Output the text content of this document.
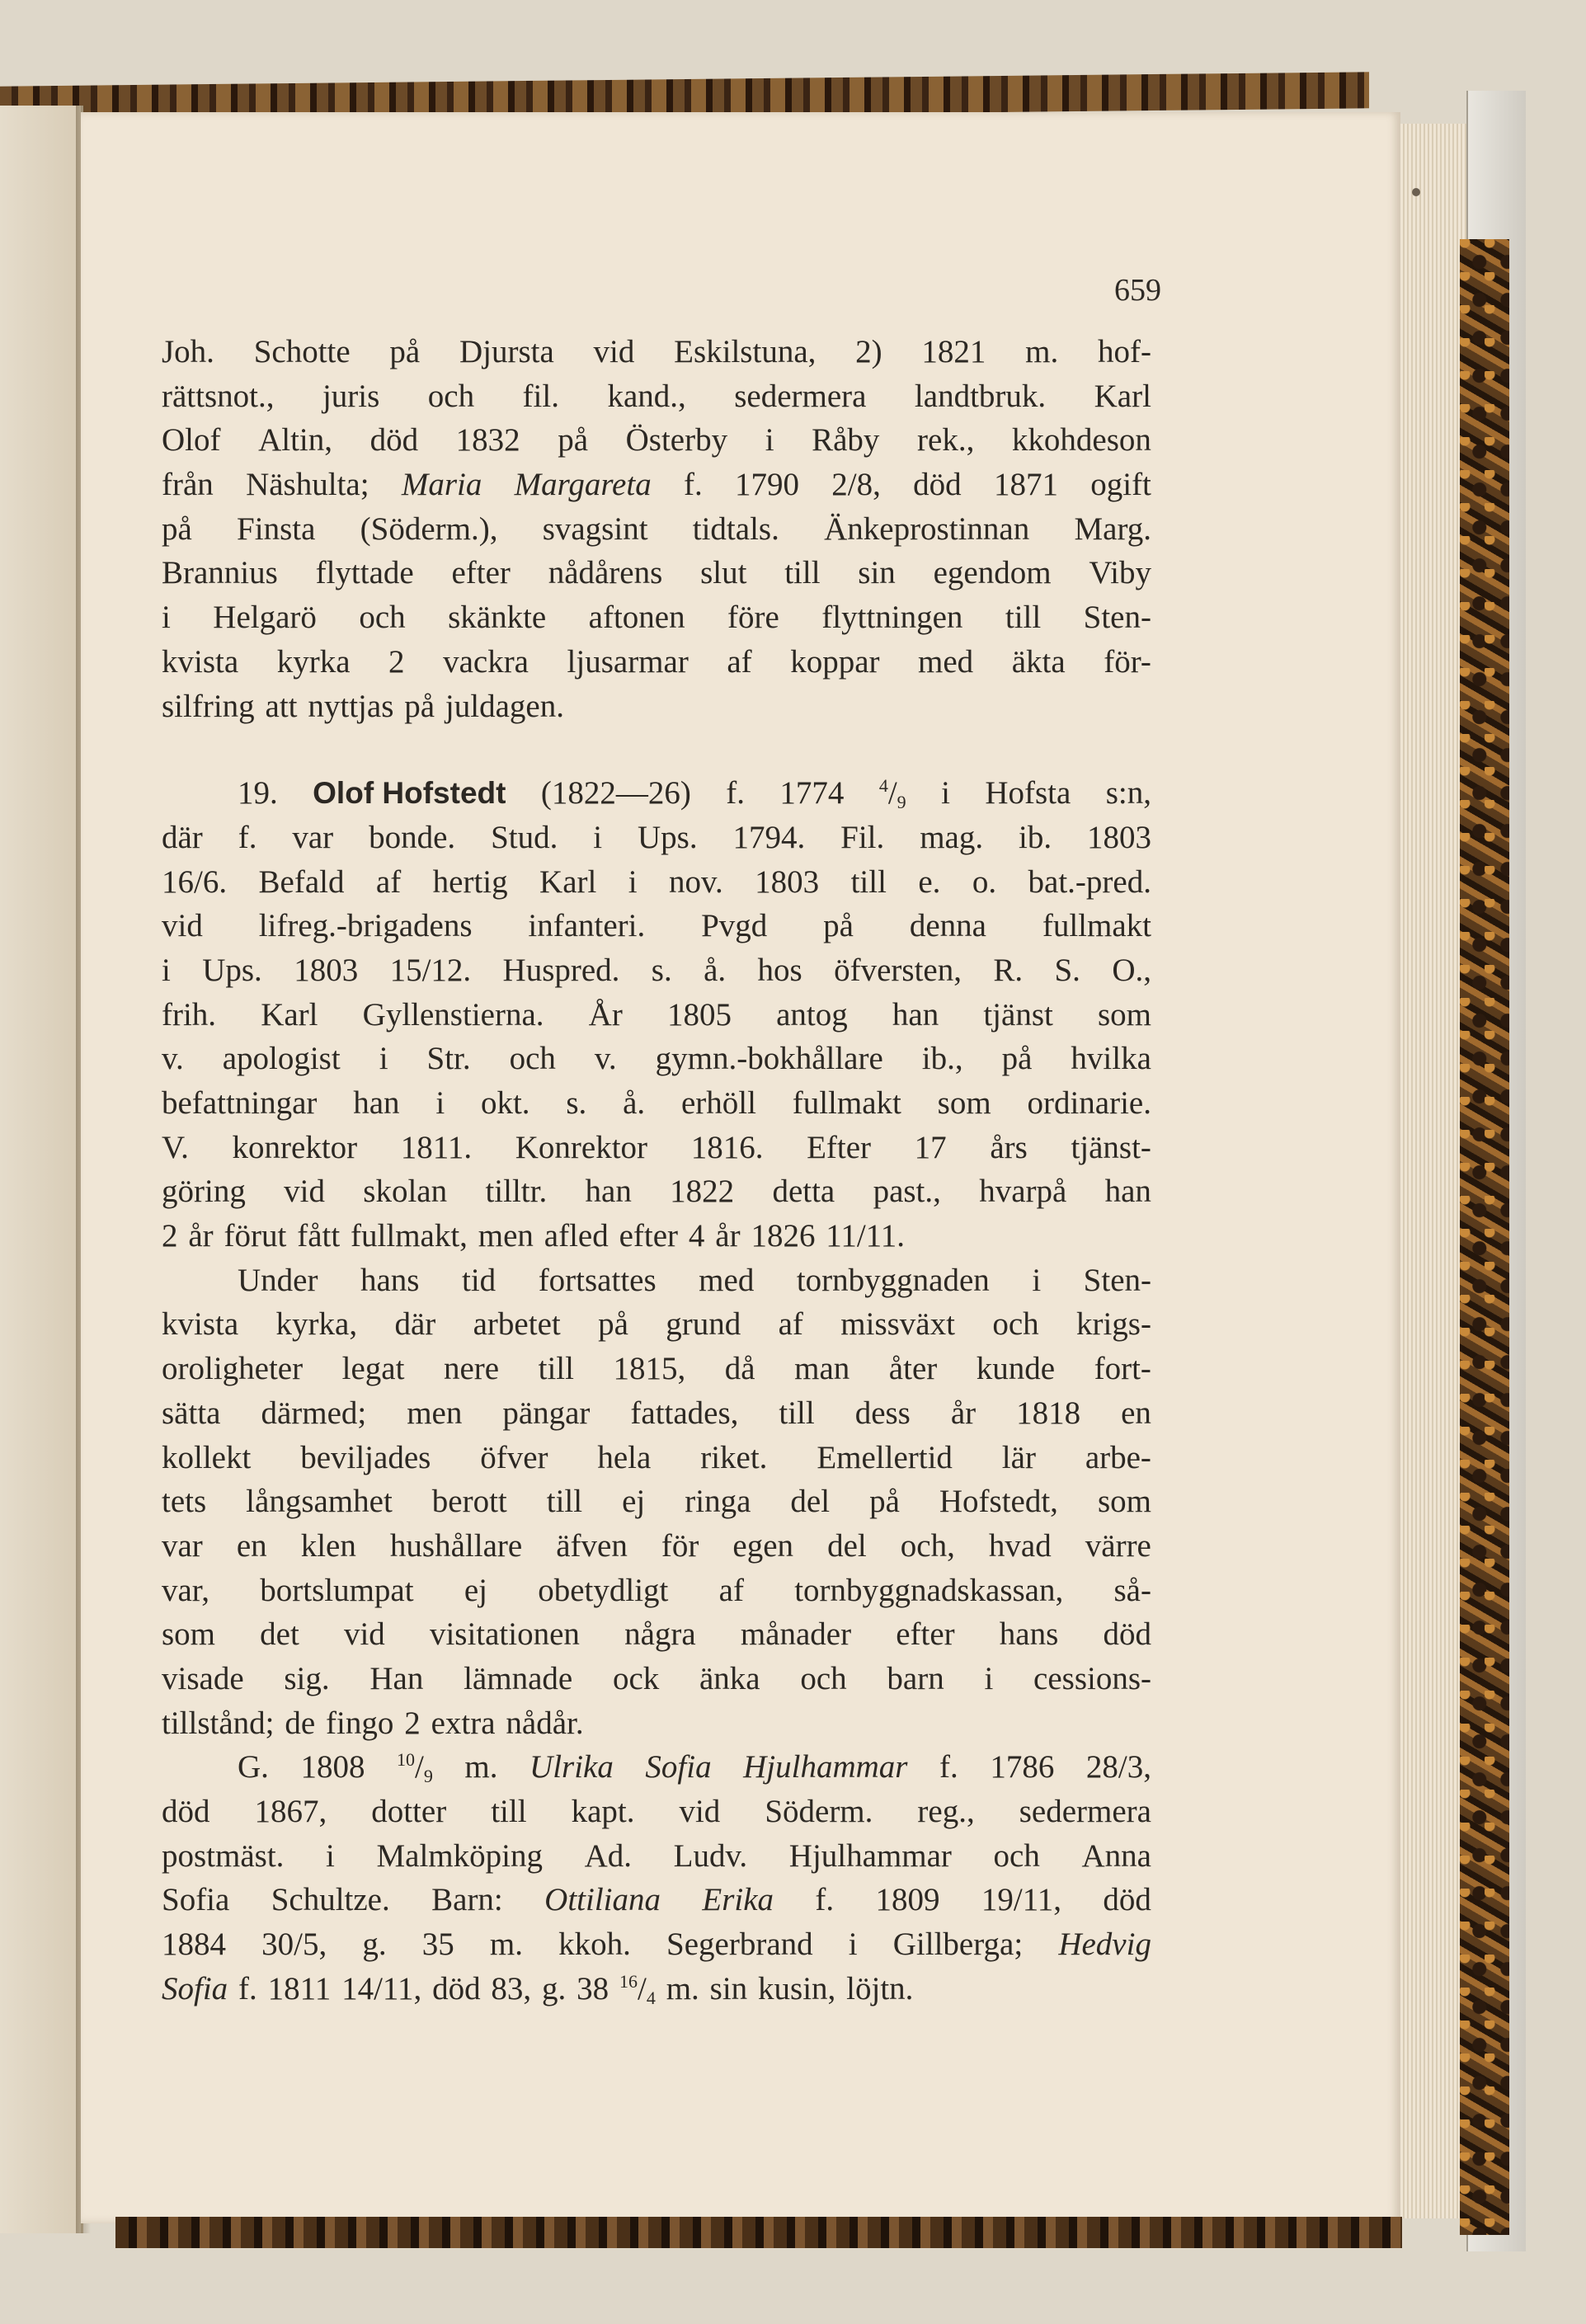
659
Joh. Schotte på Djursta vid Eskilstuna, 2) 1821 m. hof-
rättsnot., juris och fil. kand., sedermera landtbruk. Karl
Olof Altin, död 1832 på Österby i Råby rek., kkohdeson
från Näshulta; Maria Margareta f. 1790 2/8, död 1871 ogift
på Finsta (Söderm.), svagsint tidtals. Änkeprostinnan Marg.
Brannius flyttade efter nådårens slut till sin egendom Viby
i Helgarö och skänkte aftonen före flyttningen till Sten-
kvista kyrka 2 vackra ljusarmar af koppar med äkta för-
silfring att nyttjas på juldagen.
19. Olof Hofstedt (1822—26) f. 1774 $^4/_9$ i Hofsta s:n,
där f. var bonde. Stud. i Ups. 1794. Fil. mag. ib. 1803
16/6. Befald af hertig Karl i nov. 1803 till e. o. bat.-pred.
vid lifreg.-brigadens infanteri. Pvgd på denna fullmakt
i Ups. 1803 15/12. Huspred. s. å. hos öfversten, R. S. O.,
frih. Karl Gyllenstierna. År 1805 antog han tjänst som
v. apologist i Str. och v. gymn.-bokhållare ib., på hvilka
befattningar han i okt. s. å. erhöll fullmakt som ordinarie.
V. konrektor 1811. Konrektor 1816. Efter 17 års tjänst-
göring vid skolan tilltr. han 1822 detta past., hvarpå han
2 år förut fått fullmakt, men afled efter 4 år 1826 11/11.
Under hans tid fortsattes med tornbyggnaden i Sten-
kvista kyrka, där arbetet på grund af missväxt och krigs-
oroligheter legat nere till 1815, då man åter kunde fort-
sätta därmed; men pängar fattades, till dess år 1818 en
kollekt beviljades öfver hela riket. Emellertid lär arbe-
tets långsamhet berott till ej ringa del på Hofstedt, som
var en klen hushållare äfven för egen del och, hvad värre
var, bortslumpat ej obetydligt af tornbyggnadskassan, så-
som det vid visitationen några månader efter hans död
visade sig. Han lämnade ock änka och barn i cessions-
tillstånd; de fingo 2 extra nådår.
G. 1808 $^{10}/_9$ m. Ulrika Sofia Hjulhammar f. 1786 28/3,
död 1867, dotter till kapt. vid Söderm. reg., sedermera
postmäst. i Malmköping Ad. Ludv. Hjulhammar och Anna
Sofia Schultze. Barn: Ottiliana Erika f. 1809 19/11, död
1884 30/5, g. 35 m. kkoh. Segerbrand i Gillberga; Hedvig
Sofia f. 1811 14/11, död 83, g. 38 $^{16}/_4$ m. sin kusin, löjtn.
